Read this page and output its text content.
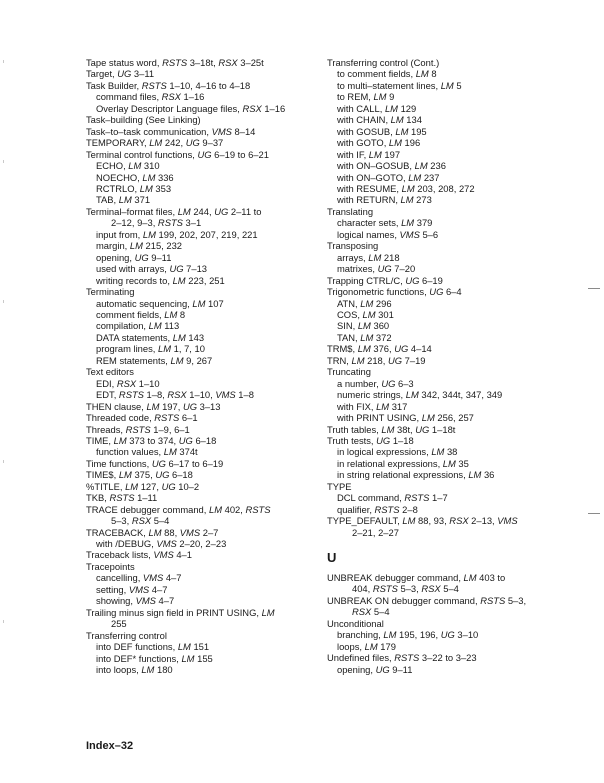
Tape status word, RSTS 3–18t, RSX 3–25t
Target, UG 3–11
Task Builder, RSTS 1–10, 4–16 to 4–18
command files, RSX 1–16
Overlay Descriptor Language files, RSX 1–16
Task–building (See Linking)
Task–to–task communication, VMS 8–14
TEMPORARY, LM 242, UG 9–37
Terminal control functions, UG 6–19 to 6–21
ECHO, LM 310
NOECHO, LM 336
RCTRLO, LM 353
TAB, LM 371
Terminal–format files, LM 244, UG 2–11 to
2–12, 9–3, RSTS 3–1
input from, LM 199, 202, 207, 219, 221
margin, LM 215, 232
opening, UG 9–11
used with arrays, UG 7–13
writing records to, LM 223, 251
Terminating
automatic sequencing, LM 107
comment fields, LM 8
compilation, LM 113
DATA statements, LM 143
program lines, LM 1, 7, 10
REM statements, LM 9, 267
Text editors
EDI, RSX 1–10
EDT, RSTS 1–8, RSX 1–10, VMS 1–8
THEN clause, LM 197, UG 3–13
Threaded code, RSTS 6–1
Threads, RSTS 1–9, 6–1
TIME, LM 373 to 374, UG 6–18
function values, LM 374t
Time functions, UG 6–17 to 6–19
TIME$, LM 375, UG 6–18
%TITLE, LM 127, UG 10–2
TKB, RSTS 1–11
TRACE debugger command, LM 402, RSTS
5–3, RSX 5–4
TRACEBACK, LM 88, VMS 2–7
with /DEBUG, VMS 2–20, 2–23
Traceback lists, VMS 4–1
Tracepoints
cancelling, VMS 4–7
setting, VMS 4–7
showing, VMS 4–7
Trailing minus sign field in PRINT USING, LM
255
Transferring control
into DEF functions, LM 151
into DEF* functions, LM 155
into loops, LM 180
Transferring control (Cont.)
to comment fields, LM 8
to multi–statement lines, LM 5
to REM, LM 9
with CALL, LM 129
with CHAIN, LM 134
with GOSUB, LM 195
with GOTO, LM 196
with IF, LM 197
with ON–GOSUB, LM 236
with ON–GOTO, LM 237
with RESUME, LM 203, 208, 272
with RETURN, LM 273
Translating
character sets, LM 379
logical names, VMS 5–6
Transposing
arrays, LM 218
matrixes, UG 7–20
Trapping CTRL/C, UG 6–19
Trigonometric functions, UG 6–4
ATN, LM 296
COS, LM 301
SIN, LM 360
TAN, LM 372
TRM$, LM 376, UG 4–14
TRN, LM 218, UG 7–19
Truncating
a number, UG 6–3
numeric strings, LM 342, 344t, 347, 349
with FIX, LM 317
with PRINT USING, LM 256, 257
Truth tables, LM 38t, UG 1–18t
Truth tests, UG 1–18
in logical expressions, LM 38
in relational expressions, LM 35
in string relational expressions, LM 36
TYPE
DCL command, RSTS 1–7
qualifier, RSTS 2–8
TYPE_DEFAULT, LM 88, 93, RSX 2–13, VMS
2–21, 2–27
U
UNBREAK debugger command, LM 403 to
404, RSTS 5–3, RSX 5–4
UNBREAK ON debugger command, RSTS 5–3,
RSX 5–4
Unconditional
branching, LM 195, 196, UG 3–10
loops, LM 179
Undefined files, RSTS 3–22 to 3–23
opening, UG 9–11
Index–32
